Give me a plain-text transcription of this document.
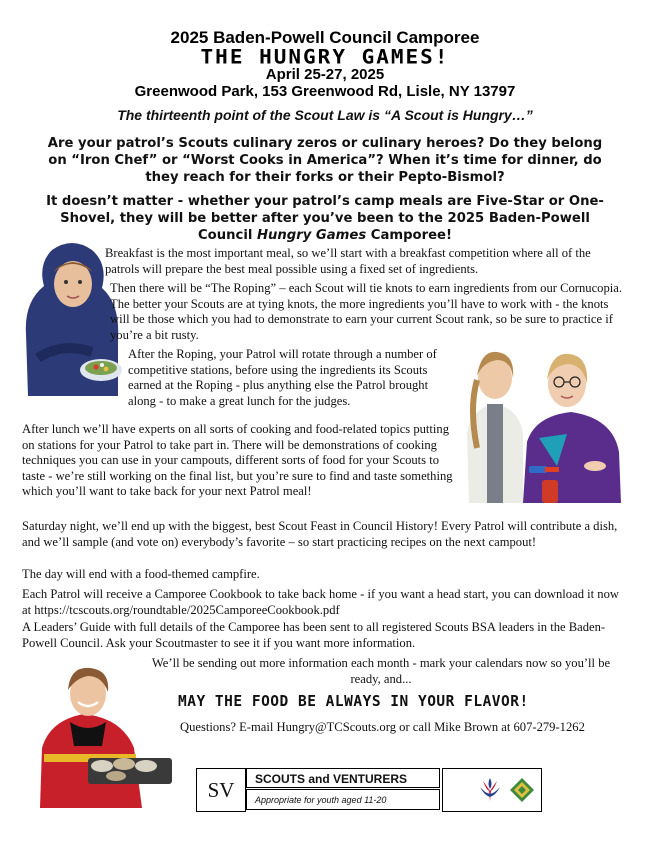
2025 Baden-Powell Council Camporee
THE HUNGRY GAMES!
April 25-27, 2025
Greenwood Park, 153 Greenwood Rd, Lisle, NY 13797
The thirteenth point of the Scout Law is “A Scout is Hungry…”
Are your patrol’s Scouts culinary zeros or culinary heroes? Do they belong on “Iron Chef” or “Worst Cooks in America”? When it’s time for dinner, do they reach for their forks or their Pepto-Bismol?
It doesn’t matter - whether your patrol’s camp meals are Five-Star or One-Shovel, they will be better after you’ve been to the 2025 Baden-Powell Council Hungry Games Camporee!
Breakfast is the most important meal, so we’ll start with a breakfast competition where all of the patrols will prepare the best meal possible using a fixed set of ingredients.
Then there will be “The Roping” – each Scout will tie knots to earn ingredients from our Cornucopia. The better your Scouts are at tying knots, the more ingredients you’ll have to work with - the knots will be those which you had to demonstrate to earn your current Scout rank, so be sure to practice if you’re a bit rusty.
After the Roping, your Patrol will rotate through a number of competitive stations, before using the ingredients its Scouts earned at the Roping - plus anything else the Patrol brought along - to make a great lunch for the judges.
After lunch we’ll have experts on all sorts of cooking and food-related topics putting on stations for your Patrol to take part in. There will be demonstrations of cooking techniques you can use in your campouts, different sorts of food for your Scouts to taste - we’re still working on the final list, but you’re sure to find and taste something which you’ll want to take back for your next Patrol meal!
Saturday night, we’ll end up with the biggest, best Scout Feast in Council History! Every Patrol will contribute a dish, and we’ll sample (and vote on) everybody’s favorite – so start practicing recipes on the next campout!
The day will end with a food-themed campfire.
Each Patrol will receive a Camporee Cookbook to take back home - if you want a head start, you can download it now at https://tcscouts.org/roundtable/2025CamporeeCookbook.pdf
A Leaders’ Guide with full details of the Camporee has been sent to all registered Scouts BSA leaders in the Baden-Powell Council. Ask your Scoutmaster to see it if you want more information.
We’ll be sending out more information each month - mark your calendars now so you’ll be ready, and...
MAY THE FOOD BE ALWAYS IN YOUR FLAVOR!
Questions? E-mail Hungry@TCScouts.org or call Mike Brown at 607-279-1262
SV	SCOUTS and VENTURERS
Appropriate for youth aged 11-20
